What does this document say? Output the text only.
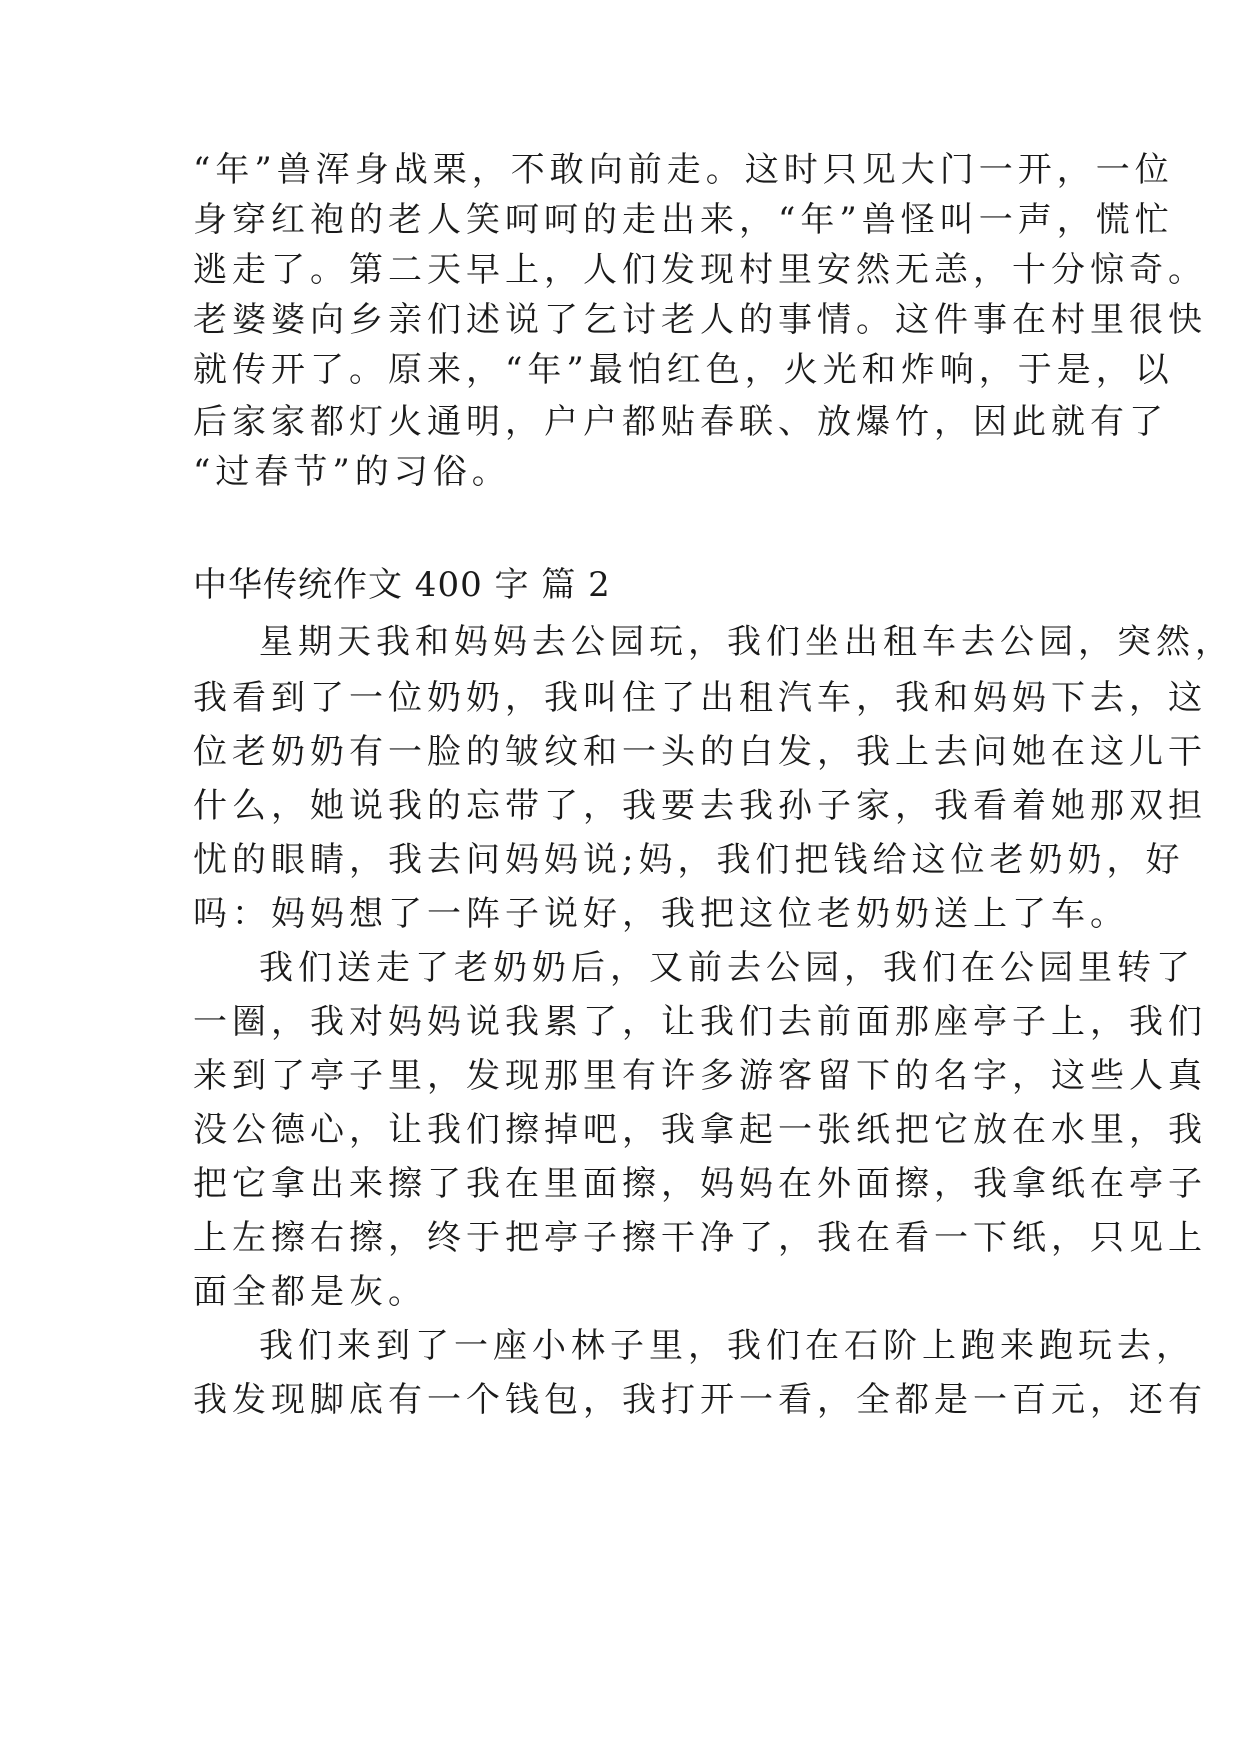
“年”兽浑身战栗，不敢向前走。这时只见大门一开，一位
身穿红袍的老人笑呵呵的走出来，“年”兽怪叫一声，慌忙
逃走了。第二天早上，人们发现村里安然无恙，十分惊奇。
老婆婆向乡亲们述说了乞讨老人的事情。这件事在村里很快
就传开了。原来，“年”最怕红色，火光和炸响，于是，以
后家家都灯火通明，户户都贴春联、放爆竹，因此就有了
“过春节”的习俗。
中华传统作文 400 字 篇 2
星期天我和妈妈去公园玩，我们坐出租车去公园，突然，
我看到了一位奶奶，我叫住了出租汽车，我和妈妈下去，这
位老奶奶有一脸的皱纹和一头的白发，我上去问她在这儿干
什么，她说我的忘带了，我要去我孙子家，我看着她那双担
忧的眼睛，我去问妈妈说;妈，我们把钱给这位老奶奶，好
吗：妈妈想了一阵子说好，我把这位老奶奶送上了车。
我们送走了老奶奶后，又前去公园，我们在公园里转了
一圈，我对妈妈说我累了，让我们去前面那座亭子上，我们
来到了亭子里，发现那里有许多游客留下的名字，这些人真
没公德心，让我们擦掉吧，我拿起一张纸把它放在水里，我
把它拿出来擦了我在里面擦，妈妈在外面擦，我拿纸在亭子
上左擦右擦，终于把亭子擦干净了，我在看一下纸，只见上
面全都是灰。
我们来到了一座小林子里，我们在石阶上跑来跑玩去，
我发现脚底有一个钱包，我打开一看，全都是一百元，还有
